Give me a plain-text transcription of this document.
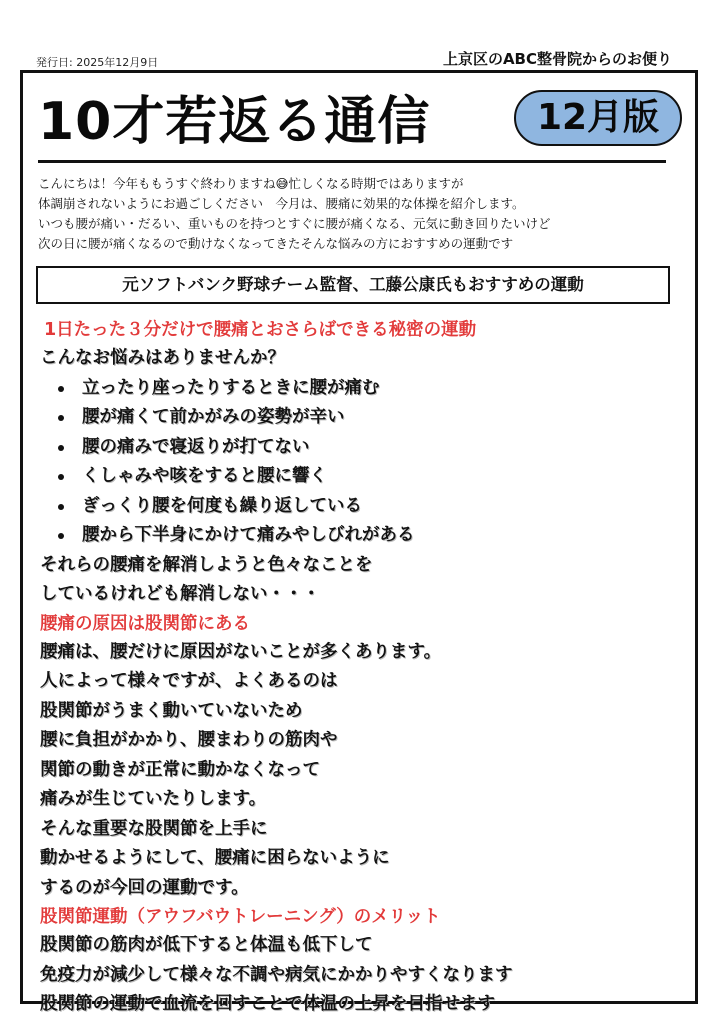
発行日: 2025年12月9日	上京区のABC整骨院からのお便り
10才若返る通信	12月版

こんにちは！今年ももうすぐ終わりますね😅忙しくなる時期ではありますが

体調崩されないようにお過ごしください　今月は、腰痛に効果的な体操を紹介します。

いつも腰が痛い・だるい、重いものを持つとすぐに腰が痛くなる、元気に動き回りたいけど

次の日に腰が痛くなるので動けなくなってきたそんな悩みの方におすすめの運動です

元ソフトバンク野球チーム監督、工藤公康氏もおすすめの運動

1日たった３分だけで腰痛とおさらばできる秘密の運動

こんなお悩みはありませんか？

立ったり座ったりするときに腰が痛む
腰が痛くて前かがみの姿勢が辛い
腰の痛みで寝返りが打てない
くしゃみや咳をすると腰に響く
ぎっくり腰を何度も繰り返している
腰から下半身にかけて痛みやしびれがある

それらの腰痛を解消しようと色々なことを

しているけれども解消しない・・・

腰痛の原因は股関節にある

腰痛は、腰だけに原因がないことが多くあります。

人によって様々ですが、よくあるのは

股関節がうまく動いていないため

腰に負担がかかり、腰まわりの筋肉や

関節の動きが正常に動かなくなって

痛みが生じていたりします。

そんな重要な股関節を上手に

動かせるようにして、腰痛に困らないように

するのが今回の運動です。

股関節運動（アウフバウトレーニング）のメリット

股関節の筋肉が低下すると体温も低下して

免疫力が減少して様々な不調や病気にかかりやすくなります

股関節の運動で血流を回すことで体温の上昇を目指せます
